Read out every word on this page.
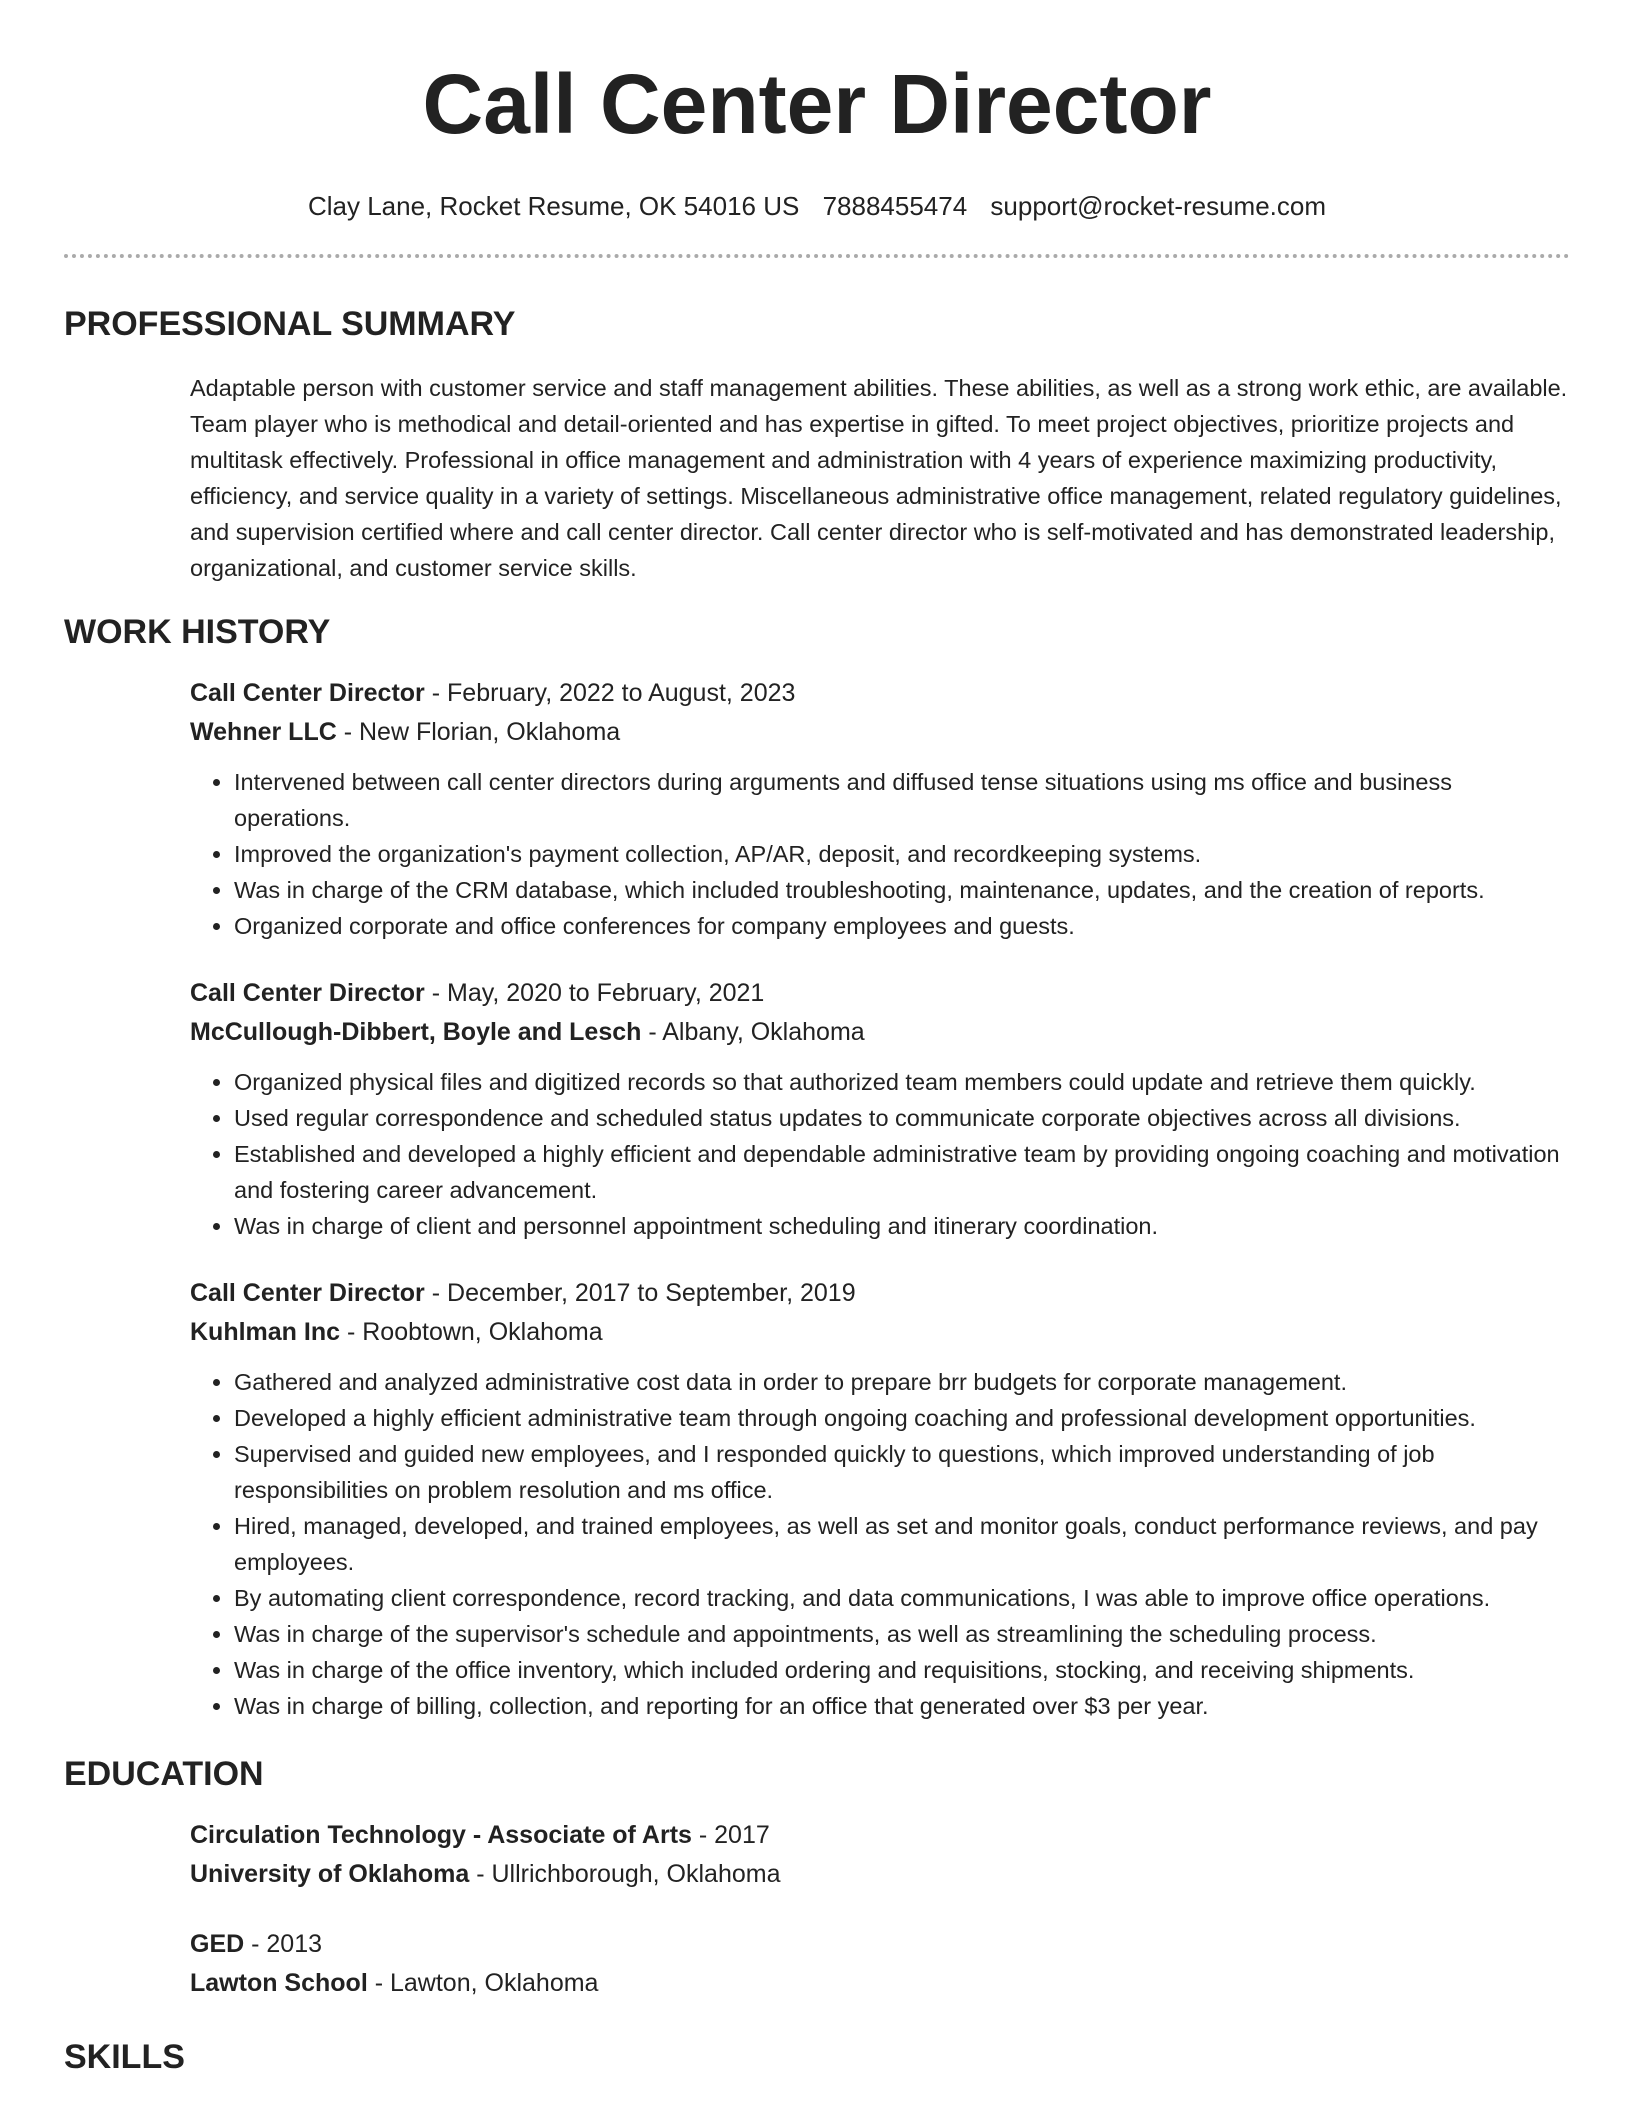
Call Center Director
Clay Lane, Rocket Resume, OK 54016 US 7888455474 support@rocket-resume.com
PROFESSIONAL SUMMARY
Adaptable person with customer service and staff management abilities. These abilities, as well as a strong work ethic, are available. Team player who is methodical and detail-oriented and has expertise in gifted. To meet project objectives, prioritize projects and multitask effectively. Professional in office management and administration with 4 years of experience maximizing productivity, efficiency, and service quality in a variety of settings. Miscellaneous administrative office management, related regulatory guidelines, and supervision certified where and call center director. Call center director who is self-motivated and has demonstrated leadership, organizational, and customer service skills.
WORK HISTORY
Call Center Director - February, 2022 to August, 2023
Wehner LLC - New Florian, Oklahoma
• Intervened between call center directors during arguments and diffused tense situations using ms office and business operations.
• Improved the organization's payment collection, AP/AR, deposit, and recordkeeping systems.
• Was in charge of the CRM database, which included troubleshooting, maintenance, updates, and the creation of reports.
• Organized corporate and office conferences for company employees and guests.
Call Center Director - May, 2020 to February, 2021
McCullough-Dibbert, Boyle and Lesch - Albany, Oklahoma
• Organized physical files and digitized records so that authorized team members could update and retrieve them quickly.
• Used regular correspondence and scheduled status updates to communicate corporate objectives across all divisions.
• Established and developed a highly efficient and dependable administrative team by providing ongoing coaching and motivation and fostering career advancement.
• Was in charge of client and personnel appointment scheduling and itinerary coordination.
Call Center Director - December, 2017 to September, 2019
Kuhlman Inc - Roobtown, Oklahoma
• Gathered and analyzed administrative cost data in order to prepare brr budgets for corporate management.
• Developed a highly efficient administrative team through ongoing coaching and professional development opportunities.
• Supervised and guided new employees, and I responded quickly to questions, which improved understanding of job responsibilities on problem resolution and ms office.
• Hired, managed, developed, and trained employees, as well as set and monitor goals, conduct performance reviews, and pay employees.
• By automating client correspondence, record tracking, and data communications, I was able to improve office operations.
• Was in charge of the supervisor's schedule and appointments, as well as streamlining the scheduling process.
• Was in charge of the office inventory, which included ordering and requisitions, stocking, and receiving shipments.
• Was in charge of billing, collection, and reporting for an office that generated over $3 per year.
EDUCATION
Circulation Technology - Associate of Arts - 2017
University of Oklahoma - Ullrichborough, Oklahoma
GED - 2013
Lawton School - Lawton, Oklahoma
SKILLS
